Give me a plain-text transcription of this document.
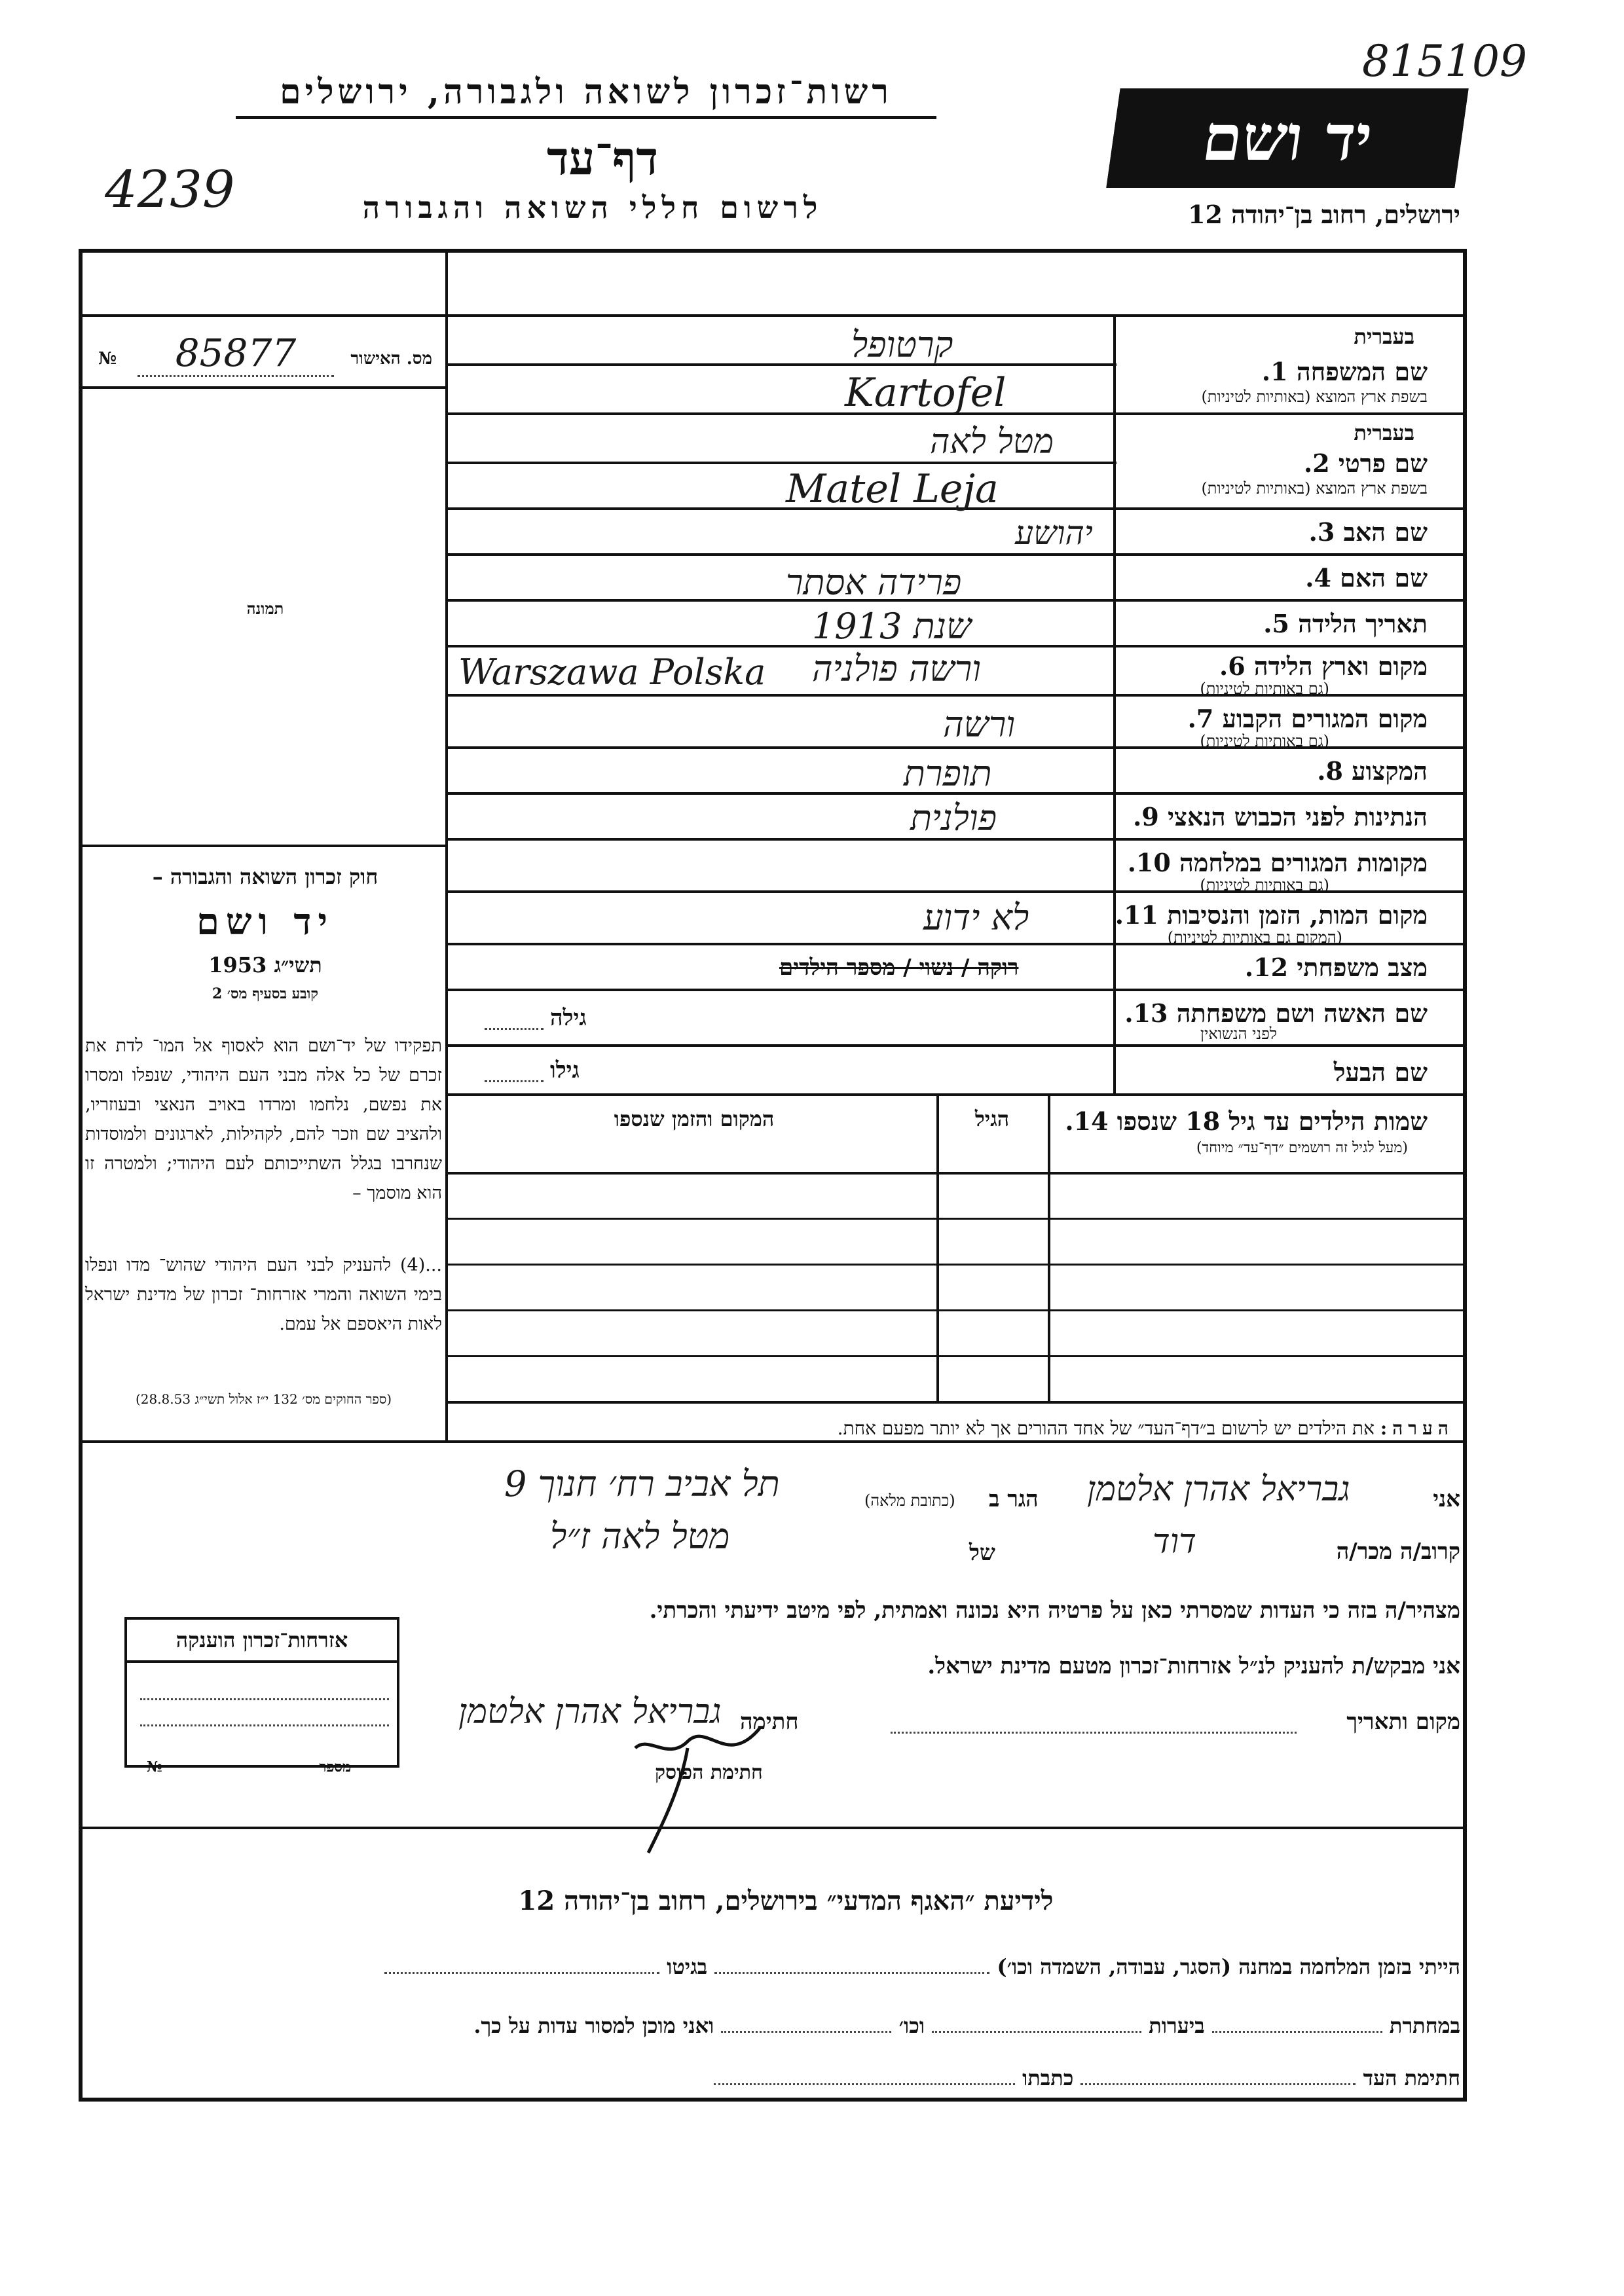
רשות־זכרון לשואה ולגבורה, ירושלים
דף־עד
לרשום חללי השואה והגבורה
4239
815109
יד ושם
ירושלים, רחוב בן־יהודה 12
מס. האישור
85877
№
תמונה
חוק זכרון השואה והגבורה –
יד ושם
תשי״ג 1953
קובע בסעיף מס׳ 2
תפקידו של יד־ושם הוא לאסוף אל המו־ לדת את זכרם של כל אלה מבני העם היהודי, שנפלו ומסרו את נפשם, נלחמו ומרדו באויב הנאצי ובעוזריו, ולהציב שם וזכר להם, לקהילות, לארגונים ולמוסדות שנחרבו בגלל השתייכותם לעם היהודי; ולמטרה זו הוא מוסמך –
...(4) להעניק לבני העם היהודי שהוש־ מדו ונפלו בימי השואה והמרי אזרחות־ זכרון של מדינת ישראל לאות היאספם אל עמם.
(ספר החוקים מס׳ 132 י״ז אלול תשי״ג 28.8.53)
בעברית
שם המשפחה 1.
בשפת ארץ המוצא (באותיות לטיניות)
קרטופל
Kartofel
בעברית
שם פרטי 2.
בשפת ארץ המוצא (באותיות לטיניות)
מטל לאה
Matel Leja
שם האב 3.
יהושע
שם האם 4.
פרידה אסתר
תאריך הלידה 5.
שנת 1913
מקום וארץ הלידה 6.
(גם באותיות לטיניות)
ורשה פולניה
Warszawa Polska
מקום המגורים הקבוע 7.
(גם באותיות לטיניות)
ורשה
המקצוע 8.
תופרת
הנתינות לפני הכבוש הנאצי 9.
פולנית
מקומות המגורים במלחמה 10.
(גם באותיות לטיניות)
מקום המות, הזמן והנסיבות 11.
(המקום גם באותיות לטיניות)
לא ידוע
מצב משפחתי 12.
רוקה / נשוי / מספר הילדים
שם האשה ושם משפחתה 13.
לפני הנשואין
גילה
שם הבעל
גילו
שמות הילדים עד גיל 18 שנספו 14.
(מעל לגיל זה רושמים ״דף־עד״ מיוחד)
הגיל
המקום והזמן שנספו
הערה: את הילדים יש לרשום ב״דף־העד״ של אחד ההורים אך לא יותר מפעם אחת.
אני
גבריאל אהרן אלטמן
הגר ב
(כתובת מלאה)
תל אביב רח׳ חנוך 9
קרוב/ה מכר/ה
דוד
של
מטל לאה ז״ל
מצהיר/ה בזה כי העדות שמסרתי כאן על פרטיה היא נכונה ואמתית, לפי מיטב ידיעתי והכרתי.
אני מבקש/ת להעניק לנ״ל אזרחות־זכרון מטעם מדינת ישראל.
מקום ותאריך
חתימה
גבריאל אהרן אלטמן
חתימת הפוסק
אזרחות־זכרון הוענקה
מספר
№
לידיעת ״האגף המדעי״ בירושלים, רחוב בן־יהודה 12
הייתי בזמן המלחמה במחנה (הסגר, עבודה, השמדה וכו׳)  בגיטו
במחתרת  ביערות  וכו׳  ואני מוכן למסור עדות על כך.
חתימת העד  כתבתו
